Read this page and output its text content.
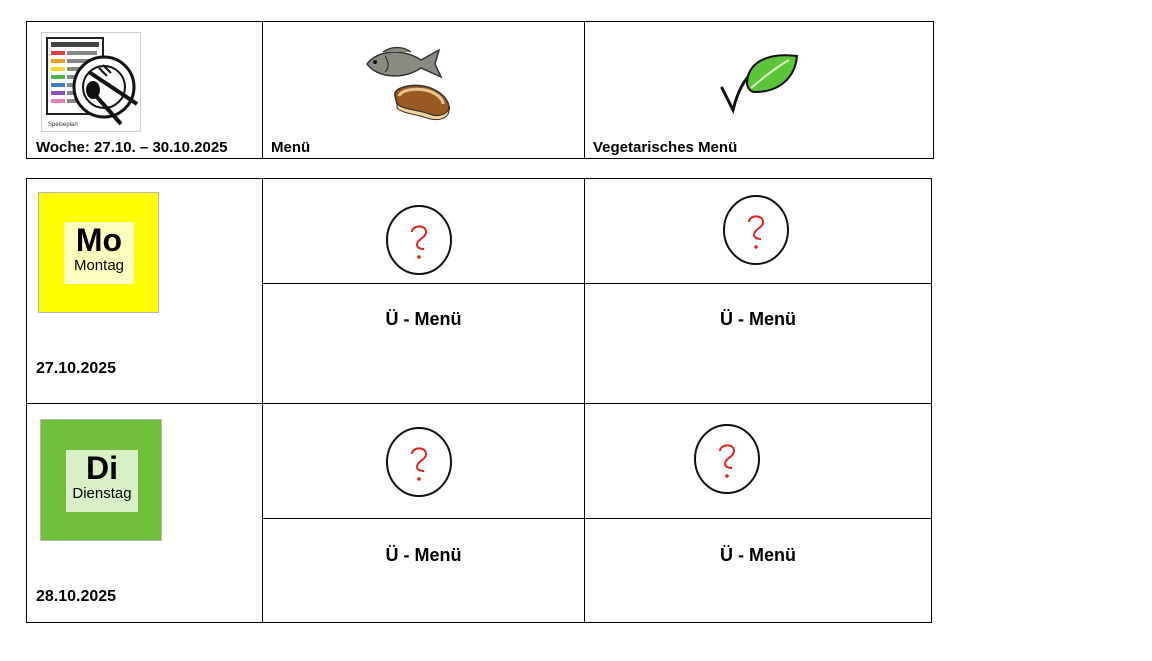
Speiseplan
Woche: 27.10. – 30.10.2025	Menü	Vegetarisches Menü
Mo
Montag
27.10.2025
Ü - Menü	Ü - Menü
Di
Dienstag
28.10.2025
Ü - Menü	Ü - Menü
